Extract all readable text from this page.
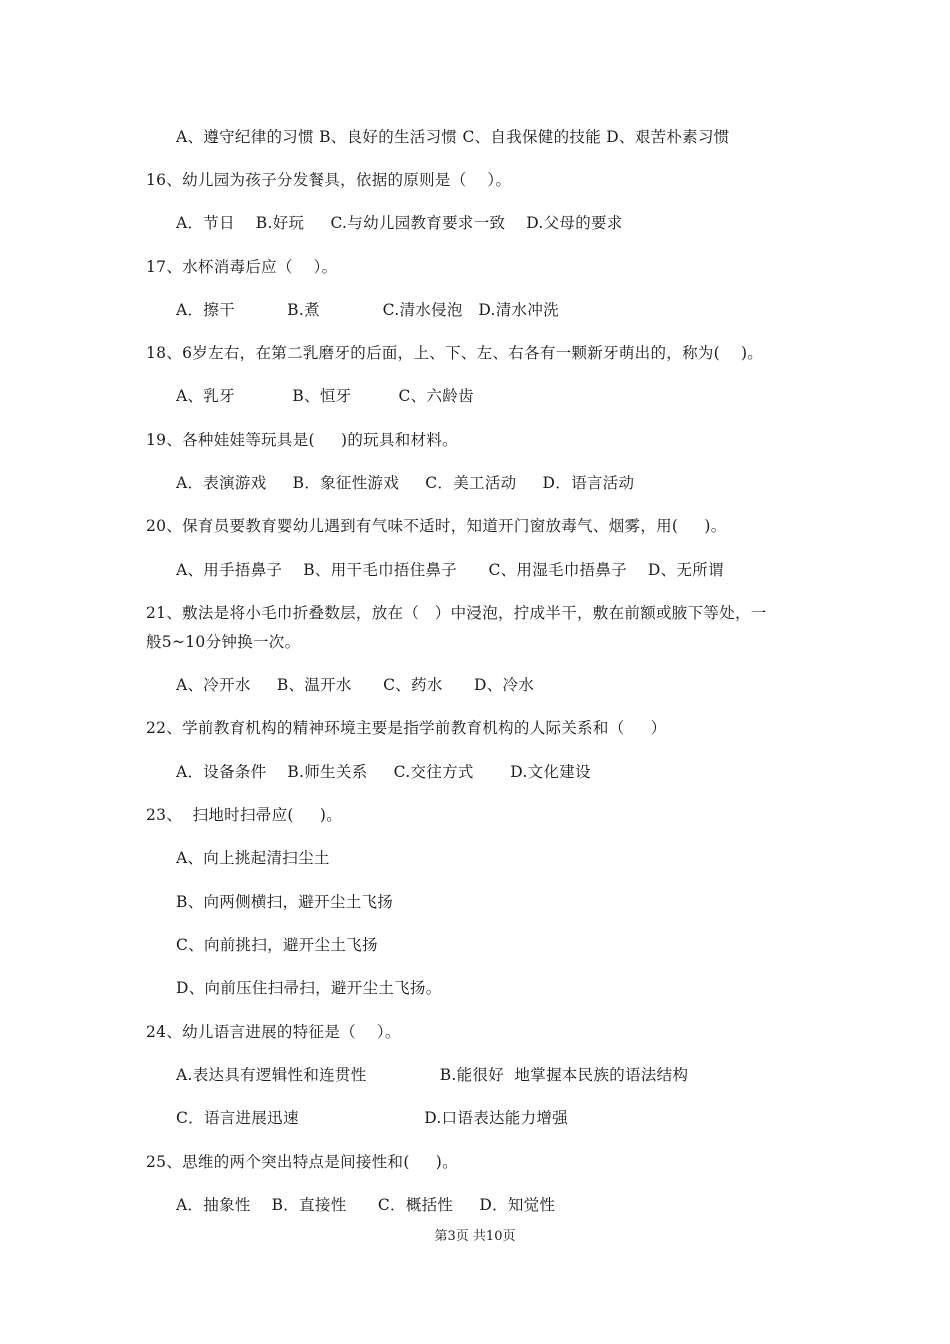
A、遵守纪律的习惯 B、良好的生活习惯 C、自我保健的技能 D、艰苦朴素习惯
16、幼儿园为孩子分发餐具，依据的原则是（    ）。
A．节日    B.好玩     C.与幼儿园教育要求一致    D.父母的要求
17、水杯消毒后应（    ）。
A．擦干          B.煮            C.清水侵泡   D.清水冲洗
18、6岁左右，在第二乳磨牙的后面，上、下、左、右各有一颗新牙萌出的，称为(    )。
A、乳牙           B、恒牙         C、六龄齿
19、各种娃娃等玩具是(     )的玩具和材料。
A．表演游戏     B．象征性游戏     C．美工活动     D．语言活动
20、保育员要教育婴幼儿遇到有气味不适时，知道开门窗放毒气、烟雾，用(     )。
A、用手捂鼻子    B、用干毛巾捂住鼻子      C、用湿毛巾捂鼻子    D、无所谓
21、敷法是将小毛巾折叠数层，放在（   ）中浸泡，拧成半干，敷在前额或腋下等处，一
般5~10分钟换一次。
A、冷开水     B、温开水      C、药水      D、冷水
22、学前教育机构的精神环境主要是指学前教育机构的人际关系和（     ）
A．设备条件    B.师生关系     C.交往方式       D.文化建设
23、  扫地时扫帚应(     )。
A、向上挑起清扫尘土
B、向两侧横扫，避开尘土飞扬
C、向前挑扫，避开尘土飞扬
D、向前压住扫帚扫，避开尘土飞扬。
24、幼儿语言进展的特征是（    ）。
A.表达具有逻辑性和连贯性              B.能很好  地掌握本民族的语法结构
C．语言进展迅速                        D.口语表达能力增强
25、思维的两个突出特点是间接性和(     )。
A．抽象性    B．直接性      C．概括性     D．知觉性
第3页 共10页
